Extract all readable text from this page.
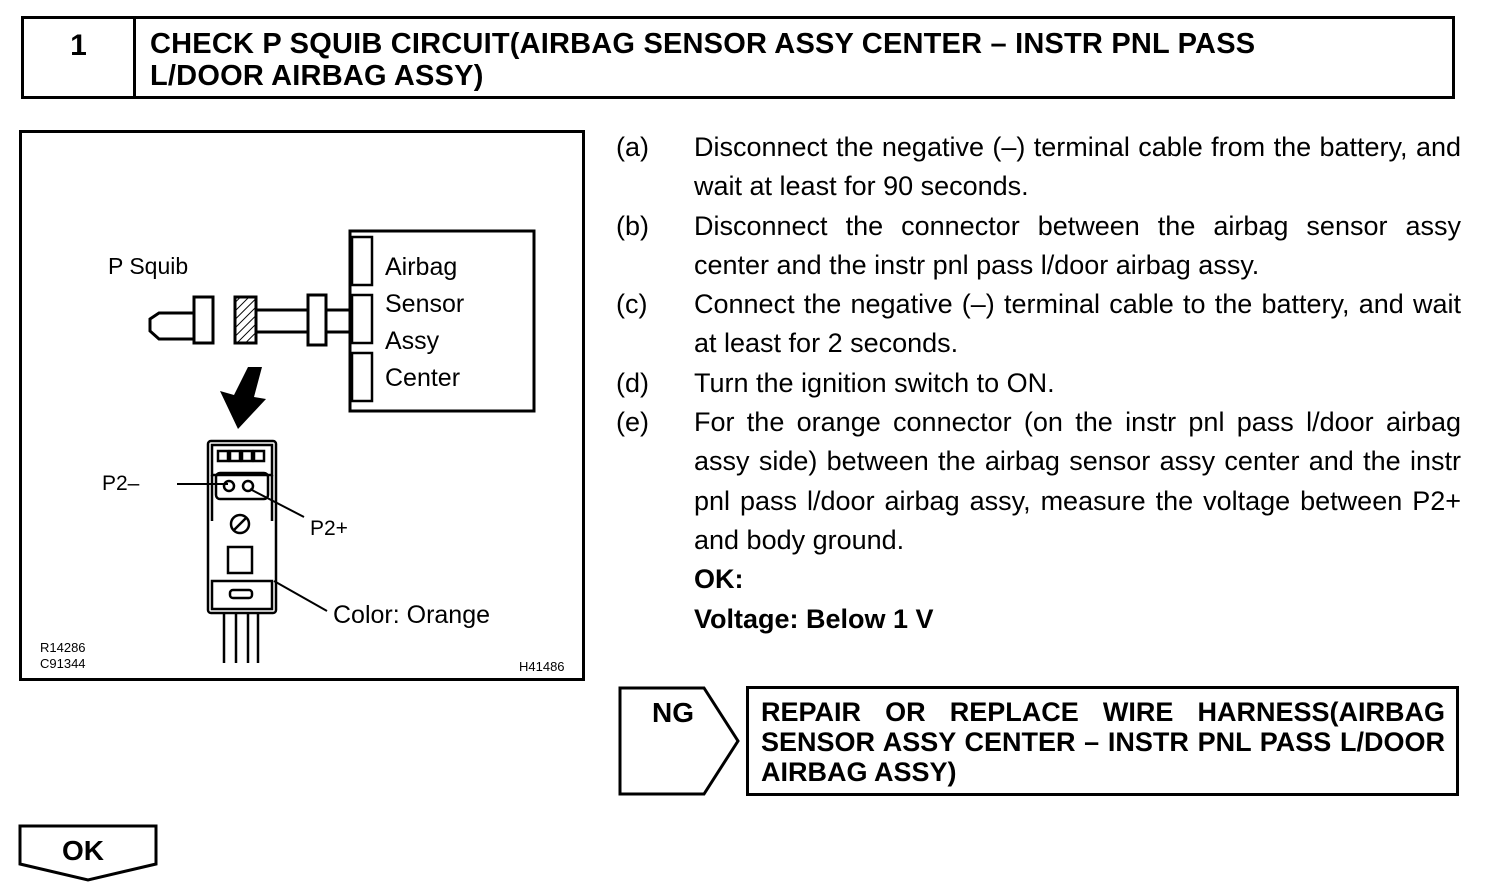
1	CHECK P SQUIB CIRCUIT(AIRBAG SENSOR ASSY CENTER – INSTR PNL PASS
L/DOOR AIRBAG ASSY)
P Squib	Airbag
Sensor
Assy
Center
P2–
P2+
Color: Orange
R14286
C91344	H41486
(a)	Disconnect the negative (–) terminal cable from the battery, and wait at least for 90 seconds.
(b)	Disconnect the connector between the airbag sensor assy center and the instr pnl pass l/door airbag assy.
(c)	Connect the negative (–) terminal cable to the battery, and wait at least for 2 seconds.
(d)	Turn the ignition switch to ON.
(e)	For the orange connector (on the instr pnl pass l/door airbag assy side) between the airbag sensor assy center and the instr pnl pass l/door airbag assy, measure the voltage between P2+ and body ground.
OK:
Voltage: Below 1 V
NG REPAIR OR REPLACE WIRE HARNESS(AIRBAG SENSOR ASSY CENTER – INSTR PNL PASS L/DOOR AIRBAG ASSY)
OK
